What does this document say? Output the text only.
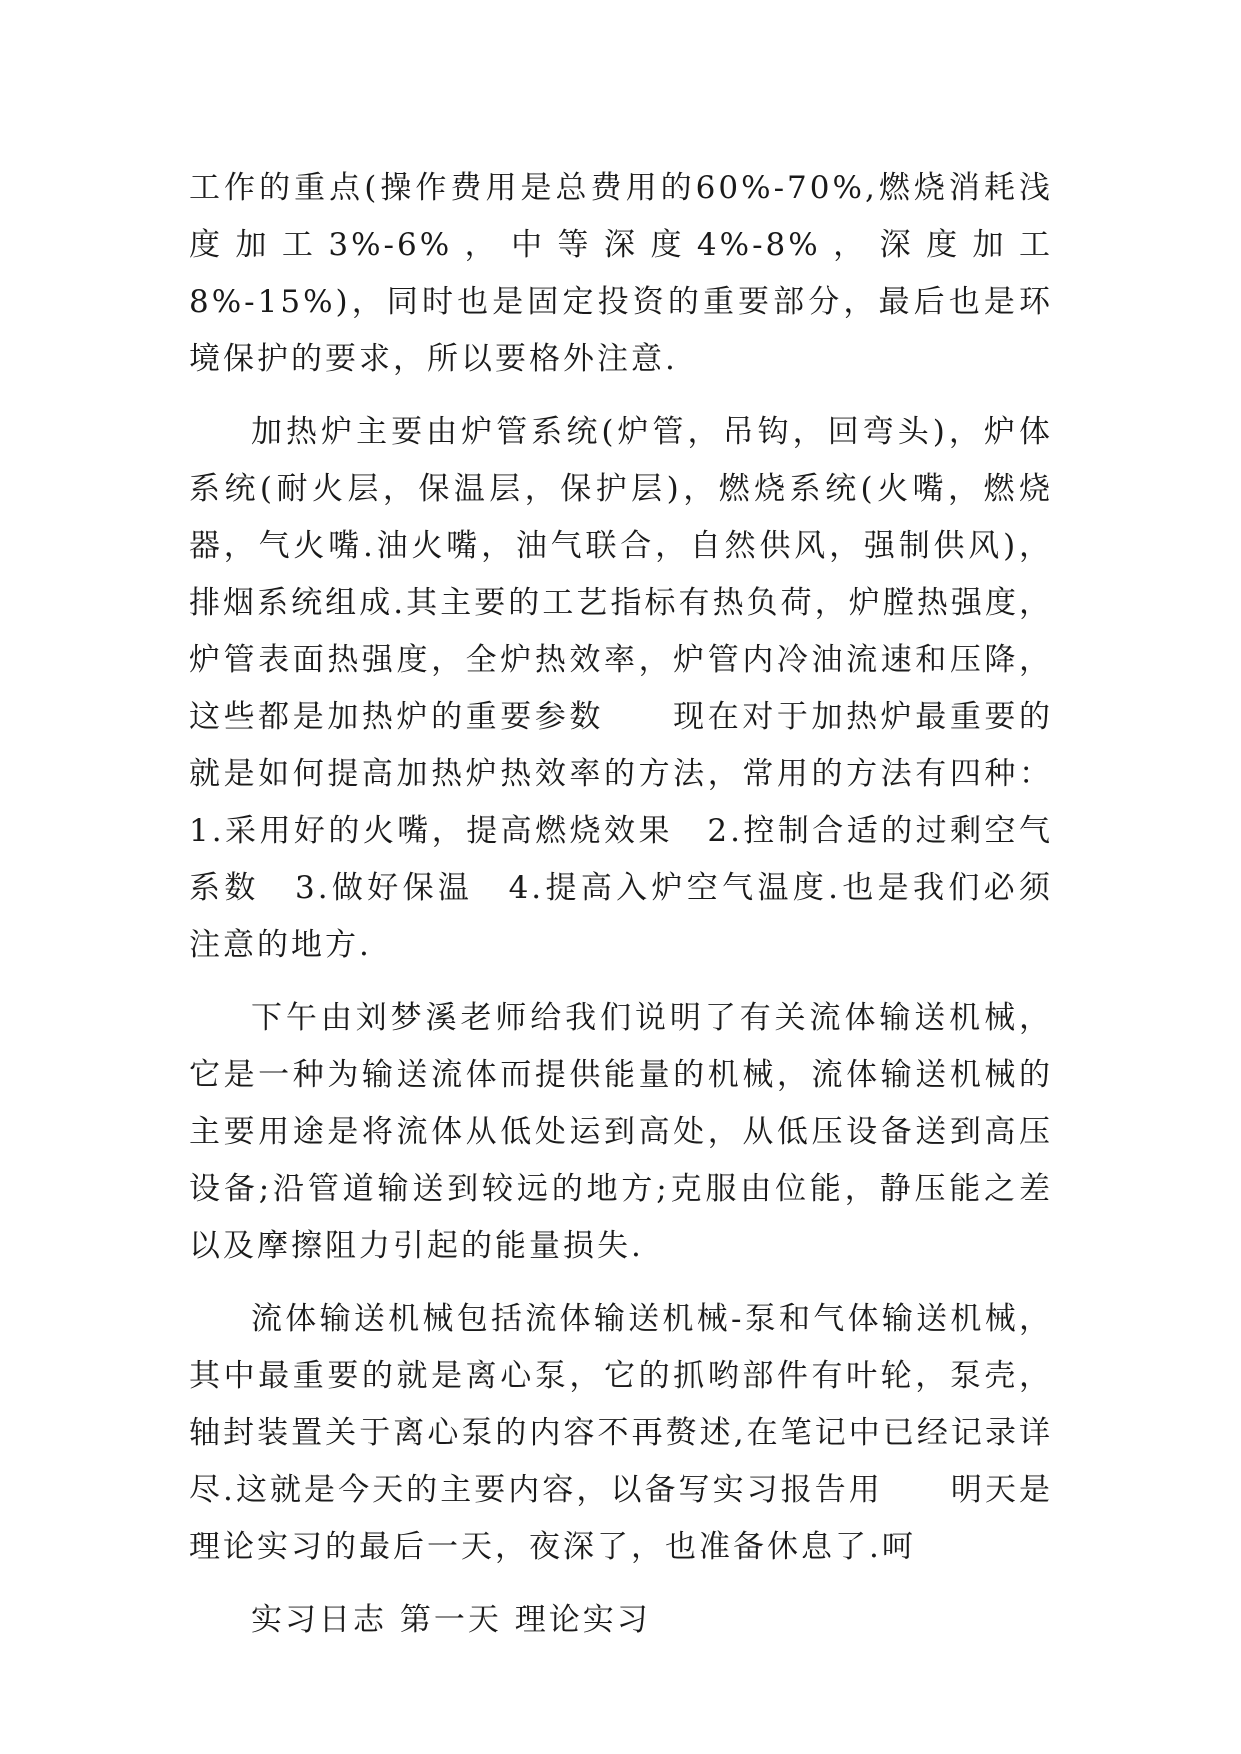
工作的重点(操作费用是总费用的60%-70%,燃烧消耗浅度加工3%-6%，中等深度4%-8%，深度加工8%-15%)，同时也是固定投资的重要部分，最后也是环境保护的要求，所以要格外注意.

加热炉主要由炉管系统(炉管，吊钩，回弯头)，炉体系统(耐火层，保温层，保护层)，燃烧系统(火嘴，燃烧器，气火嘴.油火嘴，油气联合，自然供风，强制供风)，排烟系统组成.其主要的工艺指标有热负荷，炉膛热强度，炉管表面热强度，全炉热效率，炉管内冷油流速和压降，这些都是加热炉的重要参数　　现在对于加热炉最重要的就是如何提高加热炉热效率的方法，常用的方法有四种：1.采用好的火嘴，提高燃烧效果　2.控制合适的过剩空气系数　3.做好保温　4.提高入炉空气温度.也是我们必须注意的地方.

下午由刘梦溪老师给我们说明了有关流体输送机械，它是一种为输送流体而提供能量的机械，流体输送机械的主要用途是将流体从低处运到高处，从低压设备送到高压设备;沿管道输送到较远的地方;克服由位能，静压能之差以及摩擦阻力引起的能量损失.

流体输送机械包括流体输送机械-泵和气体输送机械，其中最重要的就是离心泵，它的抓哟部件有叶轮，泵壳，轴封装置关于离心泵的内容不再赘述,在笔记中已经记录详尽.这就是今天的主要内容，以备写实习报告用　　明天是理论实习的最后一天，夜深了，也准备休息了.呵

实习日志 第一天 理论实习
